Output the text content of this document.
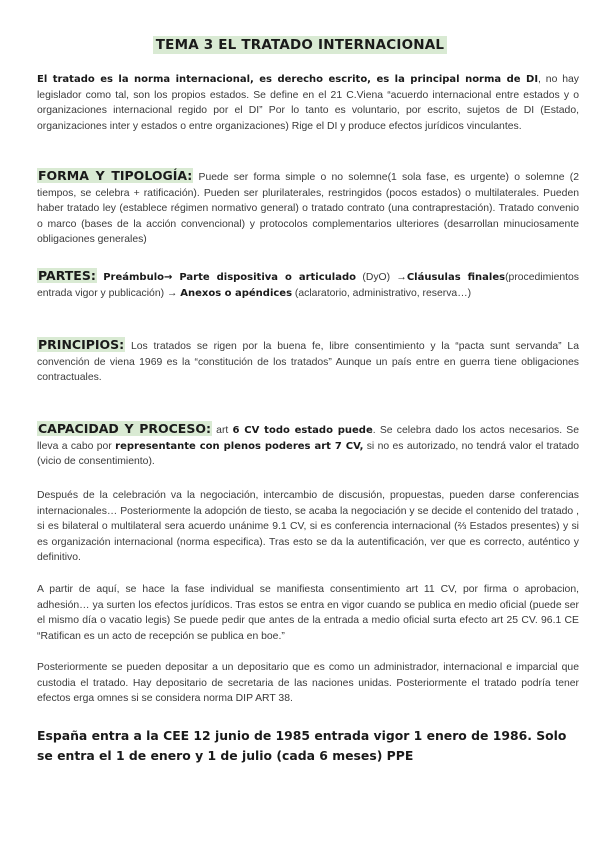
TEMA 3 EL TRATADO INTERNACIONAL

El tratado es la norma internacional, es derecho escrito, es la principal norma de DI, no hay legislador como tal, son los propios estados. Se define en el 21 C.Viena “acuerdo internacional entre estados y o organizaciones internacional regido por el DI” Por lo tanto es voluntario, por escrito, sujetos de DI (Estado, organizaciones inter y estados o entre organizaciones) Rige el DI y produce efectos jurídicos vinculantes.

FORMA Y TIPOLOGÍA: Puede ser forma simple o no solemne(1 sola fase, es urgente) o solemne (2 tiempos, se celebra + ratificación). Pueden ser plurilaterales, restringidos (pocos estados) o multilaterales. Pueden haber tratado ley (establece régimen normativo general) o tratado contrato (una contraprestación). Tratado convenio o marco (bases de la acción convencional) y protocolos complementarios ulteriores (desarrollan minuciosamente obligaciones generales)

PARTES: Preámbulo→ Parte dispositiva o articulado (DyO) →Cláusulas finales(procedimientos entrada vigor y publicación) → Anexos o apéndices (aclaratorio, administrativo, reserva…)

PRINCIPIOS: Los tratados se rigen por la buena fe, libre consentimiento y la “pacta sunt servanda” La convención de viena 1969 es la “constitución de los tratados” Aunque un país entre en guerra tiene obligaciones contractuales.

CAPACIDAD Y PROCESO: art 6 CV todo estado puede. Se celebra dado los actos necesarios. Se lleva a cabo por representante con plenos poderes art 7 CV, si no es autorizado, no tendrá valor el tratado (vicio de consentimiento).

Después de la celebración va la negociación, intercambio de discusión, propuestas, pueden darse conferencias internacionales… Posteriormente la adopción de tiesto, se acaba la negociación y se decide el contenido del tratado , si es bilateral o multilateral sera acuerdo unánime 9.1 CV, si es conferencia internacional (⅔ Estados presentes) y si es organización internacional (norma especifica). Tras esto se da la autentificación, ver que es correcto, auténtico y definitivo.

A partir de aquí, se hace la fase individual se manifiesta consentimiento art 11 CV, por firma o aprobacion, adhesión… ya surten los efectos jurídicos. Tras estos se entra en vigor cuando se publica en medio oficial (puede ser el mismo día o vacatio legis) Se puede pedir que antes de la entrada a medio oficial surta efecto art 25 CV. 96.1 CE “Ratifican es un acto de recepción se publica en boe.”

Posteriormente se pueden depositar a un depositario que es como un administrador, internacional e imparcial que custodia el tratado. Hay depositario de secretaria de las naciones unidas. Posteriormente el tratado podría tener efectos erga omnes si se considera norma DIP ART 38.

España entra a la CEE 12 junio de 1985 entrada vigor 1 enero de 1986. Solo se entra el 1 de enero y 1 de julio (cada 6 meses) PPE
